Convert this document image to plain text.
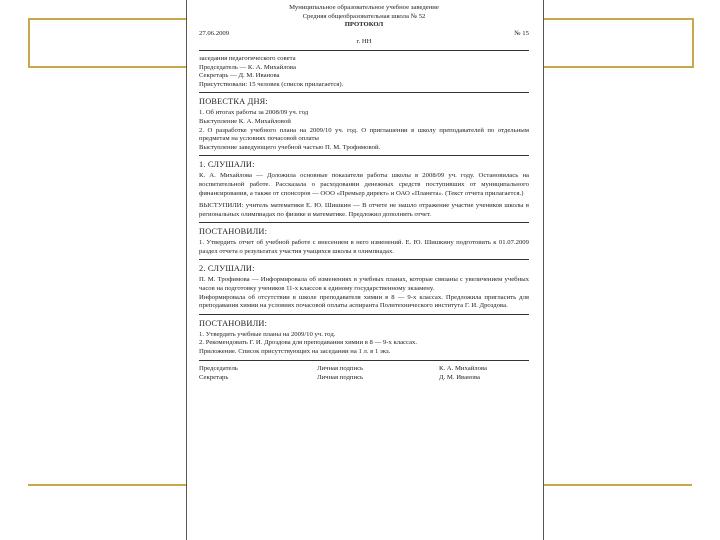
Муниципальное образовательное учебное заведение
Средняя общеобразовательная школа № 52
ПРОТОКОЛ
27.06.2009	№ 15
г. НН
заседания педагогического совета
Председатель — К. А. Михайлова
Секретарь — Д. М. Иванова
Присутствовали: 15 человек (список прилагается).
ПОВЕСТКА ДНЯ:
1. Об итогах работы за 2008/09 уч. год
Выступление К. А. Михайловой

2. О разработке учебного плана на 2009/10 уч. год. О приглашении в школу преподавателей по отдельным предметам на условиях почасовой оплаты

Выступление заведующего учебной частью П. М. Трофимовой.
1. СЛУШАЛИ:

К. А. Михайлова — Доложила основные показатели работы школы в 2008/09 уч. году. Остановилась на воспитательной работе. Рассказала о расходовании денежных средств поступивших от муниципального финансирования, а также от спонсоров — ООО «Премьер директ» и ОАО «Планета». (Текст отчета прилагается.)

ВЫСТУПИЛИ: учитель математики Е. Ю. Шишкин — В отчете не нашло отражение участие учеников школы в региональных олимпиадах по физике и математике. Предложил дополнить отчет.

ПОСТАНОВИЛИ:

1. Утвердить отчет об учебной работе с внесением в него изменений. Е. Ю. Шишкину подготовить к 01.07.2009 раздел отчета о результатах участия учащихся школы в олимпиадах.

2. СЛУШАЛИ:

П. М. Трофимова — Информировала об изменениях в учебных планах, которые связаны с увеличением учебных часов на подготовку учеников 11-х классов к единому государственному экзамену.

Информировала об отсутствии в школе преподавателя химии в 8 — 9-х классах. Предложила пригласить для преподавания химии на условиях почасовой оплаты аспиранта Политехнического института Г. И. Дроздова.

ПОСТАНОВИЛИ:
1. Утвердить учебные планы на 2009/10 уч. год.
2. Рекомендовать Г. И. Дроздова для преподавания химии в 8 — 9-х классах.
Приложение. Список присутствующих на заседании на 1 л. в 1 экз.
Председатель	Личная подпись	К. А. Михайлова
Секретарь	Личная подпись	Д. М. Иванова
